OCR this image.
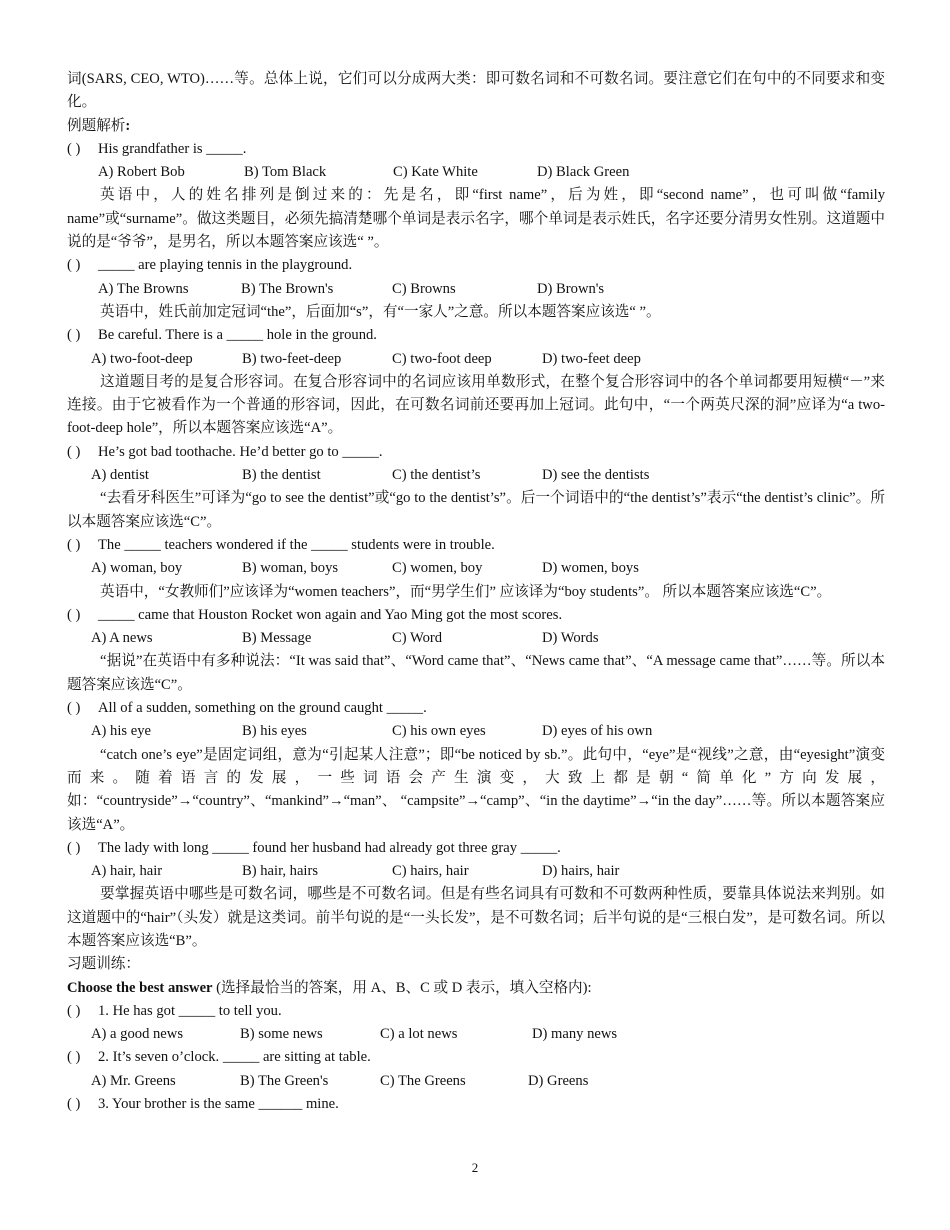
词(SARS, CEO, WTO)……等。总体上说，它们可以分成两大类：即可数名词和不可数名词。要注意它们在句中的不同要求和变化。
例题解析:
( ) His grandfather is _____.
A) Robert Bob	B) Tom Black	C) Kate White	D) Black Green
英语中，人的姓名排列是倒过来的：先是名，即“first name”，后为姓，即“second name”，也可叫做“family name”或“surname”。做这类题目，必须先搞清楚哪个单词是表示名字，哪个单词是表示姓氏，名字还要分清男女性别。这道题中说的是“爷爷”，是男名，所以本题答案应该选“ ”。
( ) _____ are playing tennis in the playground.
A) The Browns	B) The Brown's	C) Browns	D) Brown's
英语中，姓氏前加定冠词“the”，后面加“s”，有“一家人”之意。所以本题答案应该选“ ”。
( ) Be careful. There is a _____ hole in the ground.
A) two-foot-deep	B) two-feet-deep	C) two-foot deep	D) two-feet deep
这道题目考的是复合形容词。在复合形容词中的名词应该用单数形式，在整个复合形容词中的各个单词都要用短横“－”来连接。由于它被看作为一个普通的形容词，因此，在可数名词前还要再加上冠词。此句中，“一个两英尺深的洞”应译为“a two-foot-deep hole”，所以本题答案应该选“A”。
( ) He’s got bad toothache. He’d better go to _____.
A) dentist	B) the dentist	C) the dentist’s	D) see the dentists
“去看牙科医生”可译为“go to see the dentist”或“go to the dentist’s”。后一个词语中的“the dentist’s”表示“the dentist’s clinic”。所以本题答案应该选“C”。
( ) The _____ teachers wondered if the _____ students were in trouble.
A) woman, boy	B) woman, boys	C) women, boy	D) women, boys
英语中，“女教师们”应该译为“women teachers”，而“男学生们” 应该译为“boy students”。 所以本题答案应该选“C”。
( ) _____ came that Houston Rocket won again and Yao Ming got the most scores.
A) A news	B) Message	C) Word	D) Words
“据说”在英语中有多种说法：“It was said that”、“Word came that”、“News came that”、“A message came that”……等。所以本题答案应该选“C”。
( ) All of a sudden, something on the ground caught _____.
A) his eye	B) his eyes	C) his own eyes	D) eyes of his own
“catch one’s eye”是固定词组，意为“引起某人注意”；即“be noticed by sb.”。此句中，“eye”是“视线”之意，由“eyesight”演变而来。随着语言的发展，一些词语会产生演变，大致上都是朝“简单化”方向发展，如：“countryside”→“country”、“mankind”→“man”、 “campsite”→“camp”、“in the daytime”→“in the day”……等。所以本题答案应该选“A”。
( ) The lady with long _____ found her husband had already got three gray _____.
A) hair, hair	B) hair, hairs	C) hairs, hair	D) hairs, hair
要掌握英语中哪些是可数名词，哪些是不可数名词。但是有些名词具有可数和不可数两种性质，要靠具体说法来判别。如这道题中的“hair”（头发）就是这类词。前半句说的是“一头长发”，是不可数名词；后半句说的是“三根白发”，是可数名词。所以本题答案应该选“B”。
习题训练：
Choose the best answer (选择最恰当的答案，用 A、B、C 或 D 表示，填入空格内):
( ) 1. He has got _____ to tell you.
A) a good news	B) some news	C) a lot news	D) many news
( ) 2. It’s seven o’clock. _____ are sitting at table.
A) Mr. Greens	B) The Green's	C) The Greens	D) Greens
( ) 3. Your brother is the same ______ mine.
2
